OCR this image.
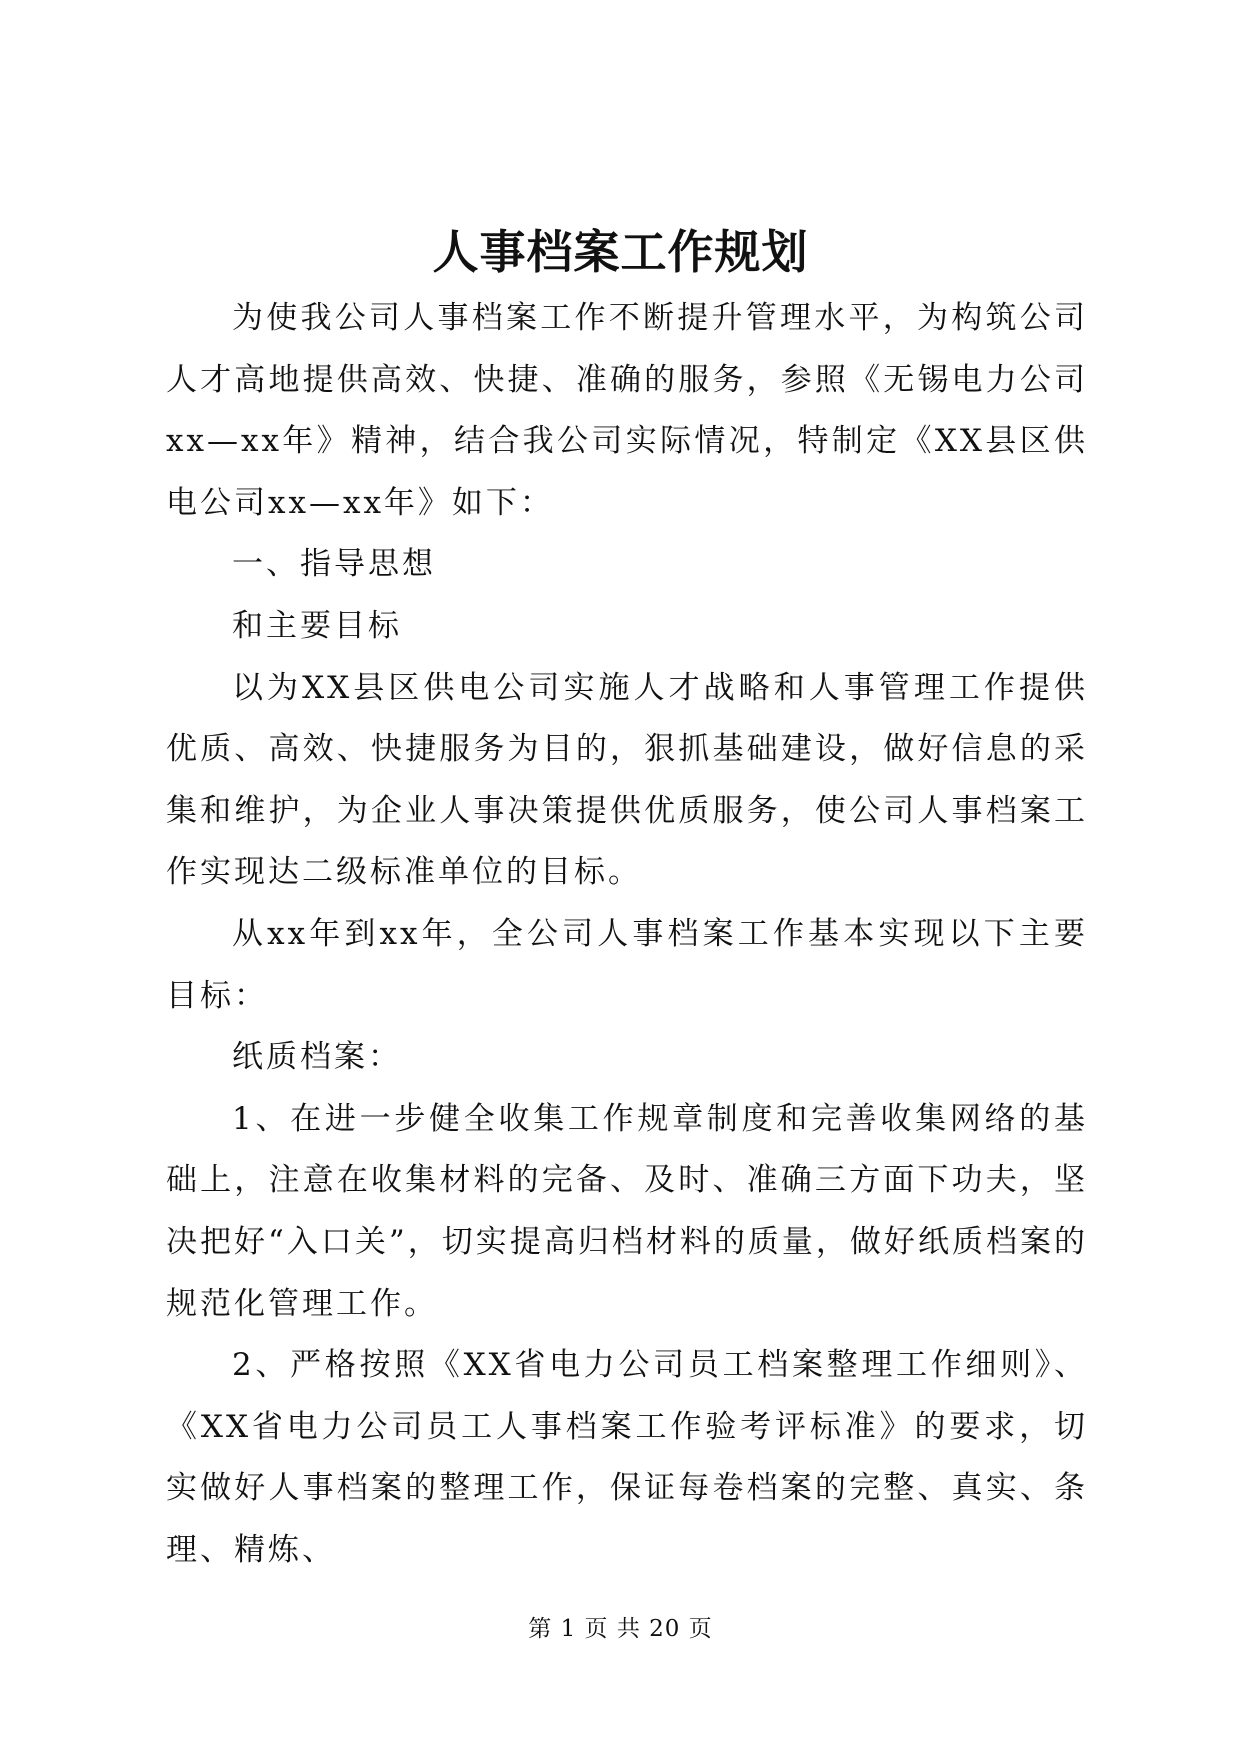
人事档案工作规划

为使我公司人事档案工作不断提升管理水平，为构筑公司人才高地提供高效、快捷、准确的服务，参照《无锡电力公司xx—xx年》精神，结合我公司实际情况，特制定《XX县区供电公司xx—xx年》如下：

一、指导思想

和主要目标

以为XX县区供电公司实施人才战略和人事管理工作提供优质、高效、快捷服务为目的，狠抓基础建设，做好信息的采集和维护，为企业人事决策提供优质服务，使公司人事档案工作实现达二级标准单位的目标。

从xx年到xx年，全公司人事档案工作基本实现以下主要目标：

纸质档案：

1、在进一步健全收集工作规章制度和完善收集网络的基础上，注意在收集材料的完备、及时、准确三方面下功夫，坚决把好“入口关”，切实提高归档材料的质量，做好纸质档案的规范化管理工作。

2、严格按照《XX省电力公司员工档案整理工作细则》、《XX省电力公司员工人事档案工作验考评标准》的要求，切实做好人事档案的整理工作，保证每卷档案的完整、真实、条理、精炼、

第 1 页 共 20 页
